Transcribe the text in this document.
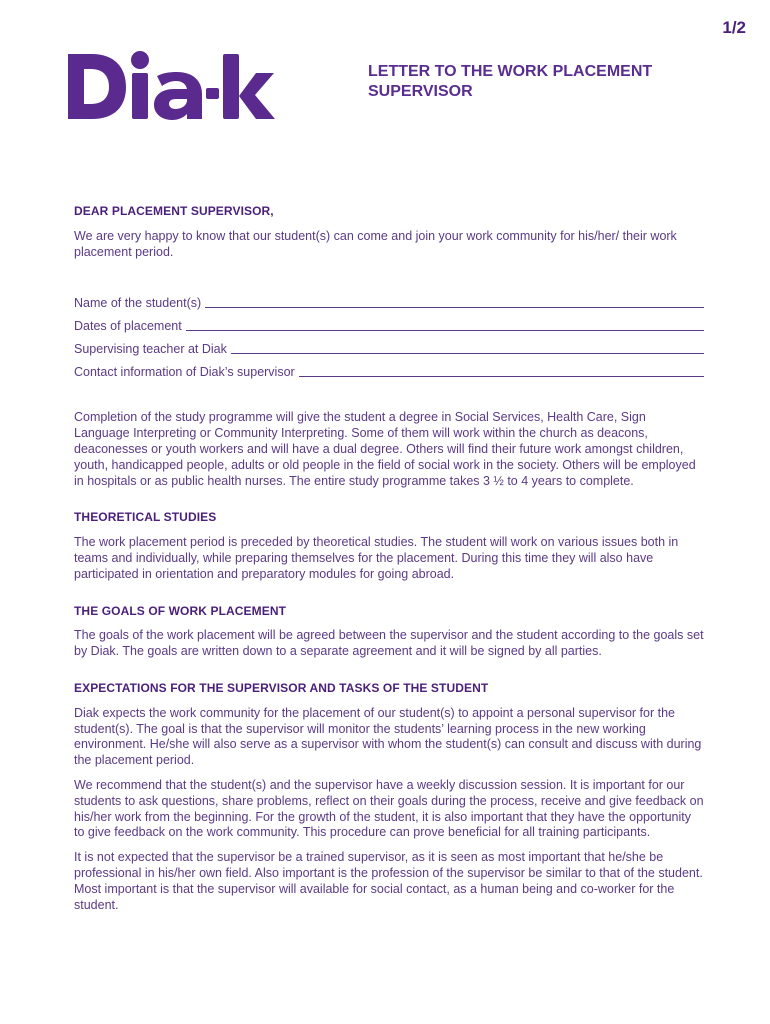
1/2
LETTER TO THE WORK PLACEMENT SUPERVISOR
DEAR PLACEMENT SUPERVISOR,

We are very happy to know that our student(s) can come and join your work community for his/her/ their work placement period.

Name of the student(s)
Dates of placement
Supervising teacher at Diak
Contact information of Diak’s supervisor

Completion of the study programme will give the student a degree in Social Services, Health Care, Sign Language Interpreting or Community Interpreting. Some of them will work within the church as deacons, deaconesses or youth workers and will have a dual degree. Others will find their future work amongst children, youth, handicapped people, adults or old people in the field of social work in the society. Others will be employed in hospitals or as public health nurses. The entire study programme takes 3 ½ to 4 years to complete.

THEORETICAL STUDIES

The work placement period is preceded by theoretical studies. The student will work on various issues both in teams and individually, while preparing themselves for the placement. During this time they will also have participated in orientation and preparatory modules for going abroad.

THE GOALS OF WORK PLACEMENT

The goals of the work placement will be agreed between the supervisor and the student according to the goals set by Diak. The goals are written down to a separate agreement and it will be signed by all parties.

EXPECTATIONS FOR THE SUPERVISOR AND TASKS OF THE STUDENT

Diak expects the work community for the placement of our student(s) to appoint a personal supervisor for the student(s). The goal is that the supervisor will monitor the students’ learning process in the new working environment. He/she will also serve as a supervisor with whom the student(s) can consult and discuss with during the placement period.

We recommend that the student(s) and the supervisor have a weekly discussion session. It is important for our students to ask questions, share problems, reflect on their goals during the process, receive and give feedback on his/her work from the beginning. For the growth of the student, it is also important that they have the opportunity to give feedback on the work community. This procedure can prove beneficial for all training participants.

It is not expected that the supervisor be a trained supervisor, as it is seen as most important that he/she be professional in his/her own field. Also important is the profession of the supervisor be similar to that of the student. Most important is that the supervisor will available for social contact, as a human being and co-worker for the student.
